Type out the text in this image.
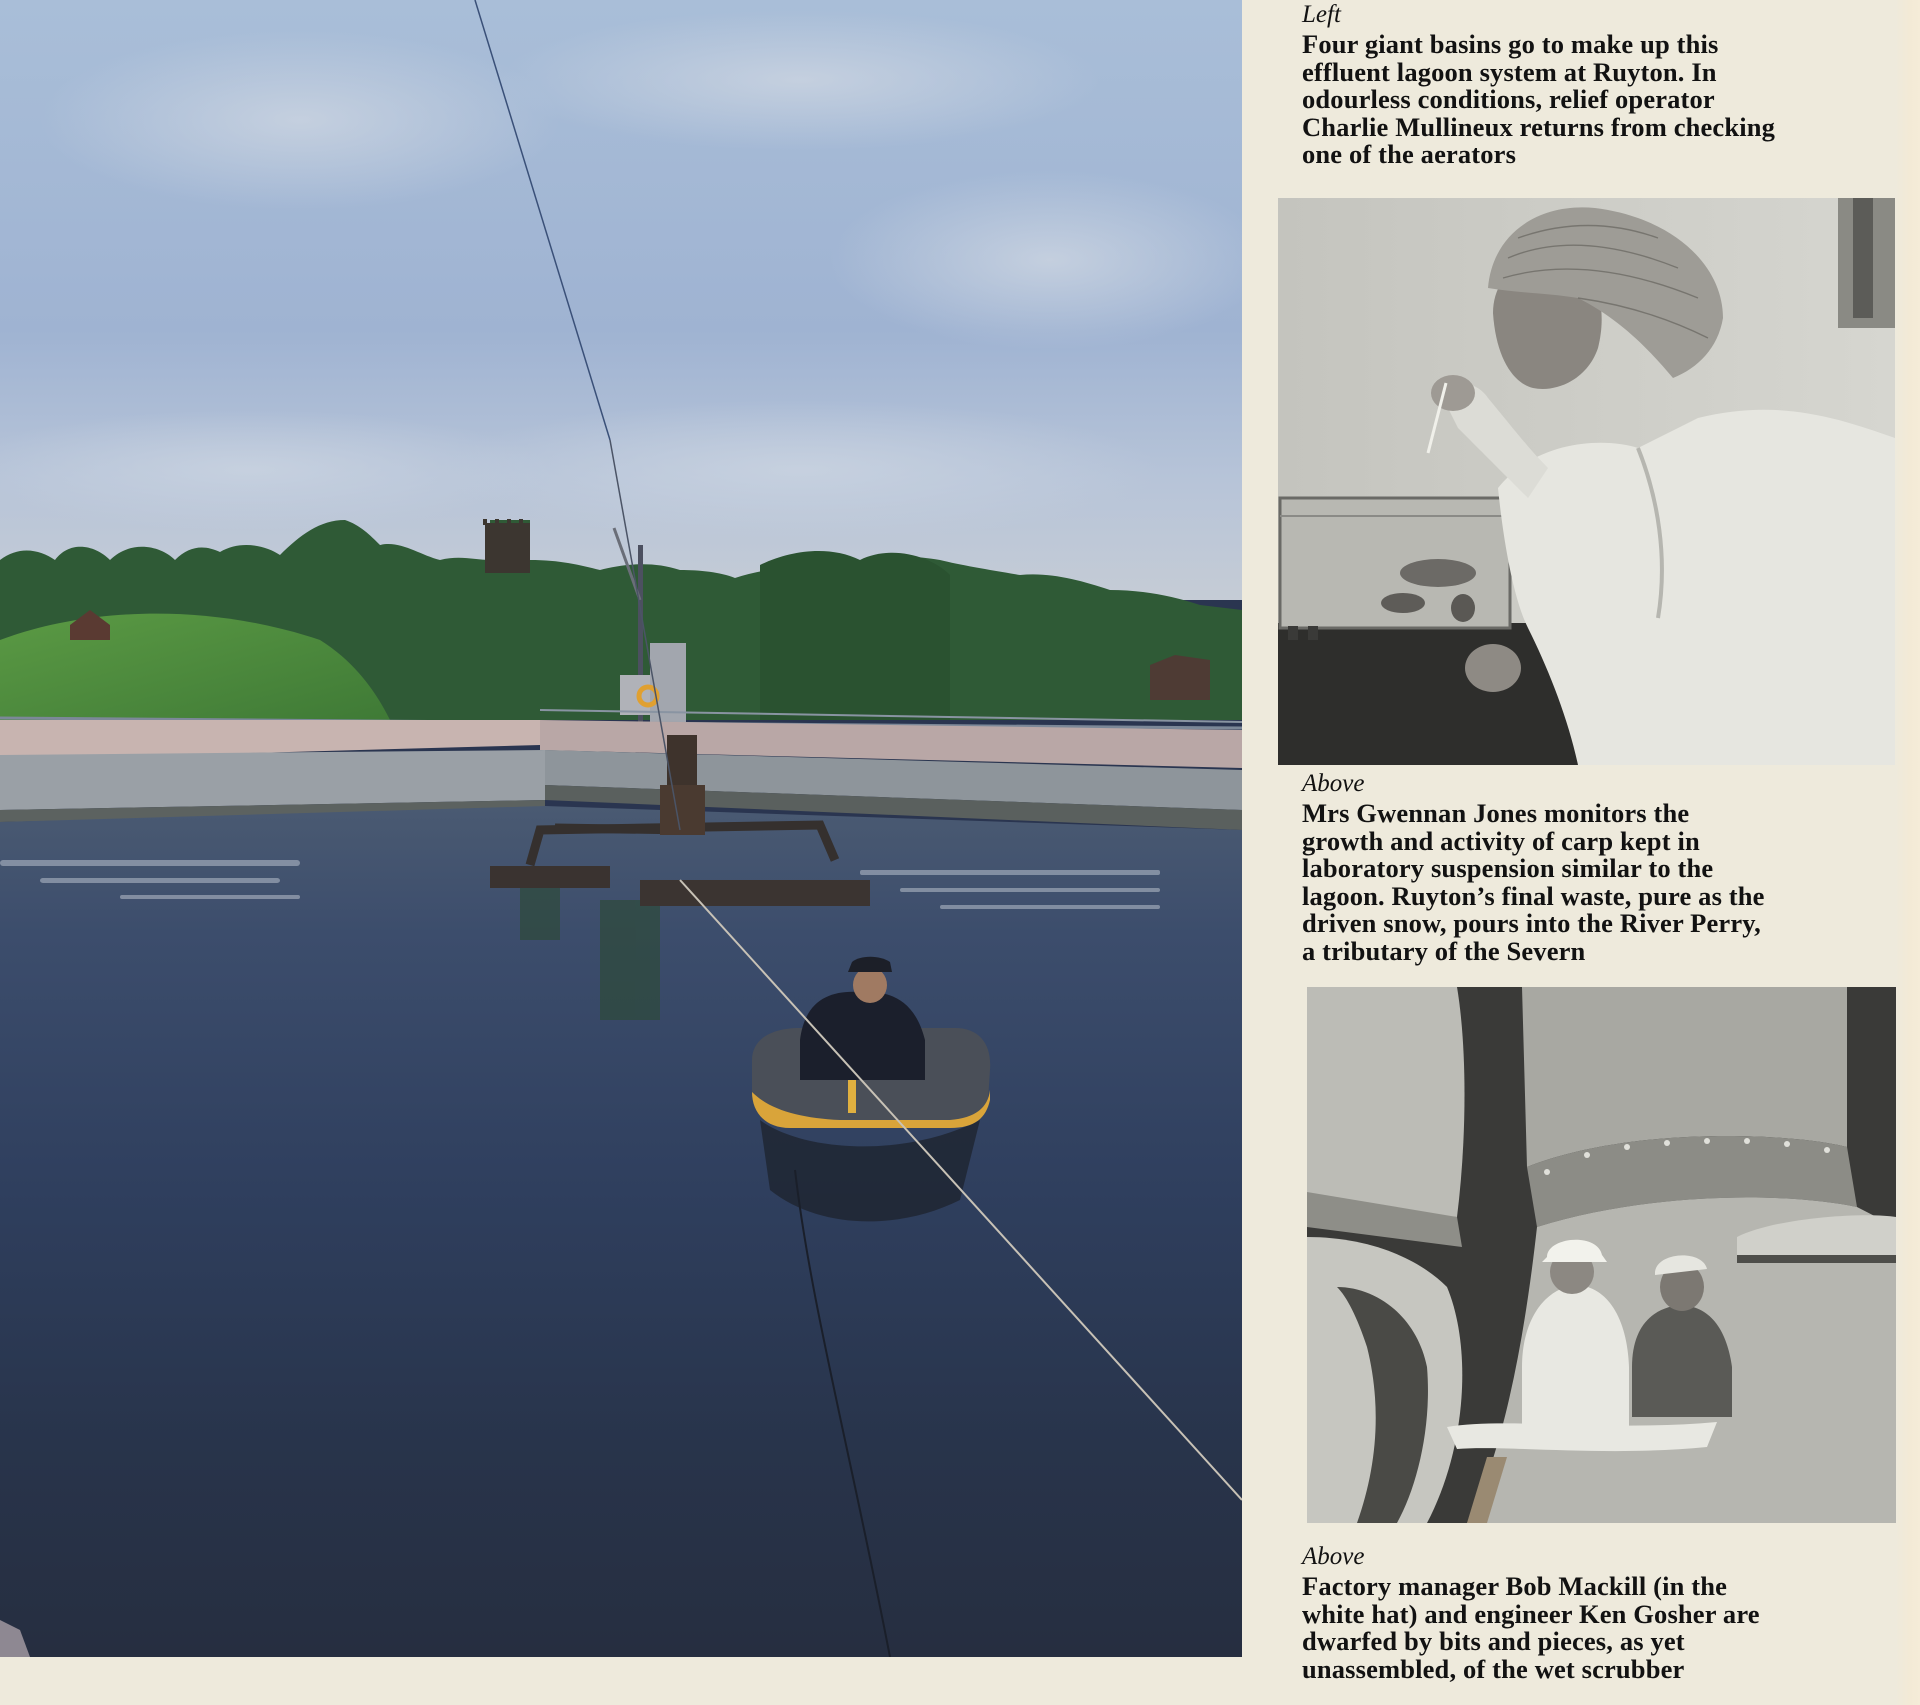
Left
Four giant basins go to make up this
effluent lagoon system at Ruyton. In
odourless conditions, relief operator
Charlie Mullineux returns from checking
one of the aerators
Above
Mrs Gwennan Jones monitors the
growth and activity of carp kept in
laboratory suspension similar to the
lagoon. Ruyton’s final waste, pure as the
driven snow, pours into the River Perry,
a tributary of the Severn
Above
Factory manager Bob Mackill (in the
white hat) and engineer Ken Gosher are
dwarfed by bits and pieces, as yet
unassembled, of the wet scrubber
